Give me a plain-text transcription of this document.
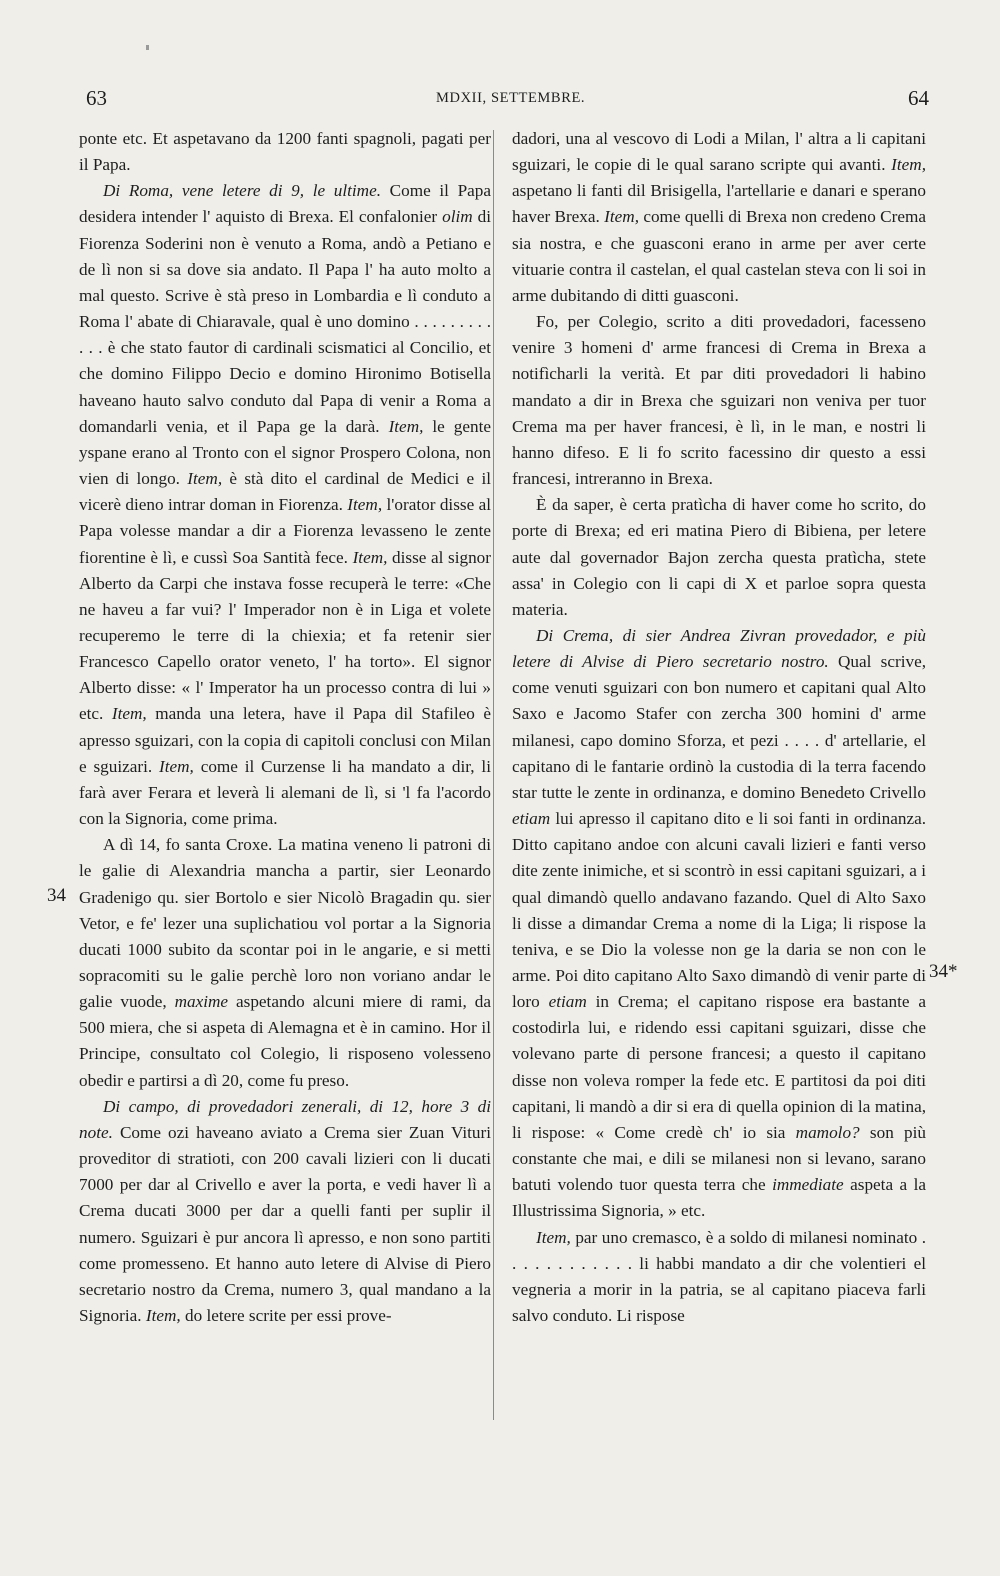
63	MDXII, SETTEMBRE.	64

ponte etc. Et aspetavano da 1200 fanti spagnoli, pagati per il Papa.

Di Roma, vene letere di 9, le ultime. Come il Papa desidera intender l' aquisto di Brexa. El confalonier olim di Fiorenza Soderini non è venuto a Roma, andò a Petiano e de lì non si sa dove sia andato. Il Papa l' ha auto molto a mal questo. Scrive è stà preso in Lombardia e lì conduto a Roma l' abate di Chiaravale, qual è uno domino . . . . . . . . . . . . è che stato fautor di cardinali scismatici al Concilio, et che domino Filippo Decio e domino Hironimo Botisella haveano hauto salvo conduto dal Papa di venir a Roma a domandarli venia, et il Papa ge la darà. Item, le gente yspane erano al Tronto con el signor Prospero Colona, non vien di longo. Item, è stà dito el cardinal de Medici e il vicerè dieno intrar doman in Fiorenza. Item, l'orator disse al Papa volesse mandar a dir a Fiorenza levasseno le zente fiorentine è lì, e cussì Soa Santità fece. Item, disse al signor Alberto da Carpi che instava fosse recuperà le terre: «Che ne haveu a far vui? l' Imperador non è in Liga et volete recuperemo le terre di la chiexia; et fa retenir sier Francesco Capello orator veneto, l' ha torto». El signor Alberto disse: « l' Imperator ha un processo contra di lui » etc. Item, manda una letera, have il Papa dil Stafileo è apresso sguizari, con la copia di capitoli conclusi con Milan e sguizari. Item, come il Curzense li ha mandato a dir, li farà aver Ferara et leverà li alemani de lì, si 'l fa l'acordo con la Signoria, come prima.

A dì 14, fo santa Croxe. La matina veneno li patroni di le galie di Alexandria mancha a partir, sier Leonardo Gradenigo qu. sier Bortolo e sier Nicolò Bragadin qu. sier Vetor, e fe' lezer una suplichatiou vol portar a la Signoria ducati 1000 subito da scontar poi in le angarie, e si metti sopracomiti su le galie perchè loro non voriano andar le galie vuode, maxime aspetando alcuni miere di rami, da 500 miera, che si aspeta di Alemagna et è in camino. Hor il Principe, consultato col Colegio, li risposeno volesseno obedir e partirsi a dì 20, come fu preso.

Di campo, di provedadori zenerali, di 12, hore 3 di note. Come ozi haveano aviato a Crema sier Zuan Vituri proveditor di stratioti, con 200 cavali lizieri con li ducati 7000 per dar al Crivello e aver la porta, e vedi haver lì a Crema ducati 3000 per dar a quelli fanti per suplir il numero. Sguizari è pur ancora lì apresso, e non sono partiti come promesseno. Et hanno auto letere di Alvise di Piero secretario nostro da Crema, numero 3, qual mandano a la Signoria. Item, do letere scrite per essi prove-

dadori, una al vescovo di Lodi a Milan, l' altra a li capitani sguizari, le copie di le qual sarano scripte qui avanti. Item, aspetano li fanti dil Brisigella, l'artellarie e danari e sperano haver Brexa. Item, come quelli di Brexa non credeno Crema sia nostra, e che guasconi erano in arme per aver certe vituarie contra il castelan, el qual castelan steva con li soi in arme dubitando di ditti guasconi.

Fo, per Colegio, scrito a diti provedadori, facesseno venire 3 homeni d' arme francesi di Crema in Brexa a notifìcharli la verità. Et par diti provedadori li habino mandato a dir in Brexa che sguizari non veniva per tuor Crema ma per haver francesi, è lì, in le man, e nostri li hanno difeso. E li fo scrito facessino dir questo a essi francesi, intreranno in Brexa.

È da saper, è certa pratìcha di haver come ho scrito, do porte di Brexa; ed eri matina Piero di Bibiena, per letere aute dal governador Bajon zercha questa pratìcha, stete assa' in Colegio con li capi di X et parloe sopra questa materia.

Di Crema, di sier Andrea Zivran provedador, e più letere di Alvise di Piero secretario nostro. Qual scrive, come venuti sguizari con bon numero et capitani qual Alto Saxo e Jacomo Stafer con zercha 300 homini d' arme milanesi, capo domino Sforza, et pezi . . . . d' artellarie, el capitano di le fantarie ordinò la custodia di la terra facendo star tutte le zente in ordinanza, e domino Benedeto Crivello etiam lui apresso il capitano dito e li soi fanti in ordinanza. Ditto capitano andoe con alcuni cavali lizieri e fanti verso dite zente inimiche, et si scontrò in essi capitani sguizari, a i qual dimandò quello andavano fazando. Quel di Alto Saxo li disse a dimandar Crema a nome di la Liga; li rispose la teniva, e se Dio la volesse non ge la daria se non con le arme. Poi dito capitano Alto Saxo dimandò di venir parte di loro etiam in Crema; el capitano rispose era bastante a costodirla lui, e ridendo essi capitani sguizari, disse che volevano parte di persone francesi; a questo il capitano disse non voleva romper la fede etc. E partitosi da poi diti capitani, li mandò a dir si era di quella opinion di la matina, li rispose: « Come credè ch' io sia mamolo? son più constante che mai, e dili se milanesi non si levano, sarano batuti volendo tuor questa terra che immediate aspeta a la Illustrissima Signoria, » etc.

Item, par uno cremasco, è a soldo di milanesi nominato . . . . . . . . . . . . li habbi mandato a dir che volentieri el vegneria a morir in la patria, se al capitano piaceva farli salvo conduto. Li rispose

34
34*
